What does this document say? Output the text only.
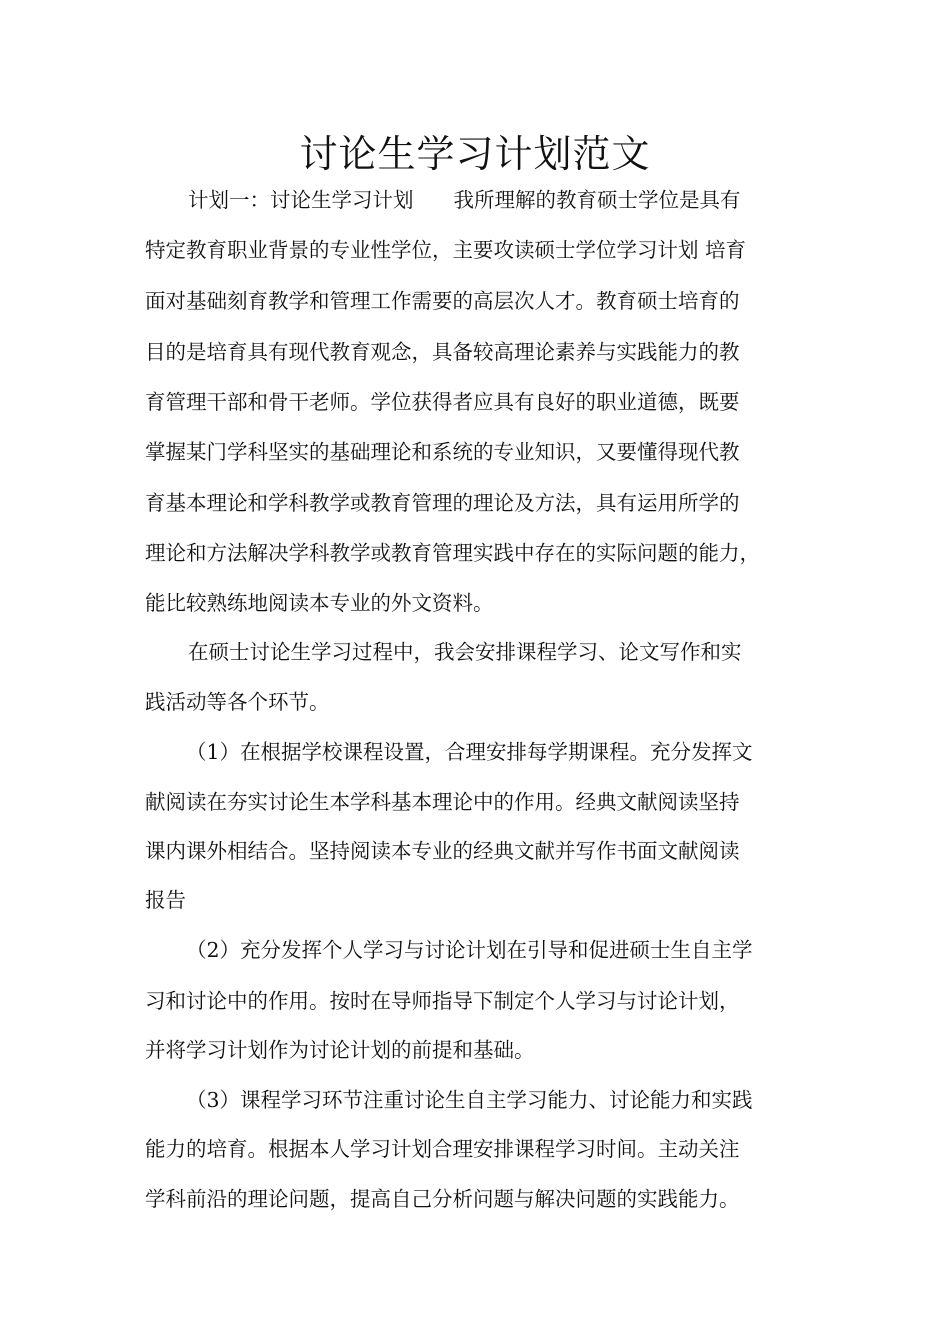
讨论生学习计划范文

计划一：讨论生学习计划 我所理解的教育硕士学位是具有

特定教育职业背景的专业性学位，主要攻读硕士学位学习计划 培育

面对基础刻育教学和管理工作需要的高层次人才。教育硕士培育的

目的是培育具有现代教育观念，具备较高理论素养与实践能力的教

育管理干部和骨干老师。学位获得者应具有良好的职业道德，既要

掌握某门学科坚实的基础理论和系统的专业知识，又要懂得现代教

育基本理论和学科教学或教育管理的理论及方法，具有运用所学的

理论和方法解决学科教学或教育管理实践中存在的实际问题的能力，

能比较熟练地阅读本专业的外文资料。

在硕士讨论生学习过程中，我会安排课程学习、论文写作和实

践活动等各个环节。

（1）在根据学校课程设置，合理安排每学期课程。充分发挥文

献阅读在夯实讨论生本学科基本理论中的作用。经典文献阅读坚持

课内课外相结合。坚持阅读本专业的经典文献并写作书面文献阅读

报告

（2）充分发挥个人学习与讨论计划在引导和促进硕士生自主学

习和讨论中的作用。按时在导师指导下制定个人学习与讨论计划，

并将学习计划作为讨论计划的前提和基础。

（3）课程学习环节注重讨论生自主学习能力、讨论能力和实践

能力的培育。根据本人学习计划合理安排课程学习时间。主动关注

学科前沿的理论问题，提高自己分析问题与解决问题的实践能力。
